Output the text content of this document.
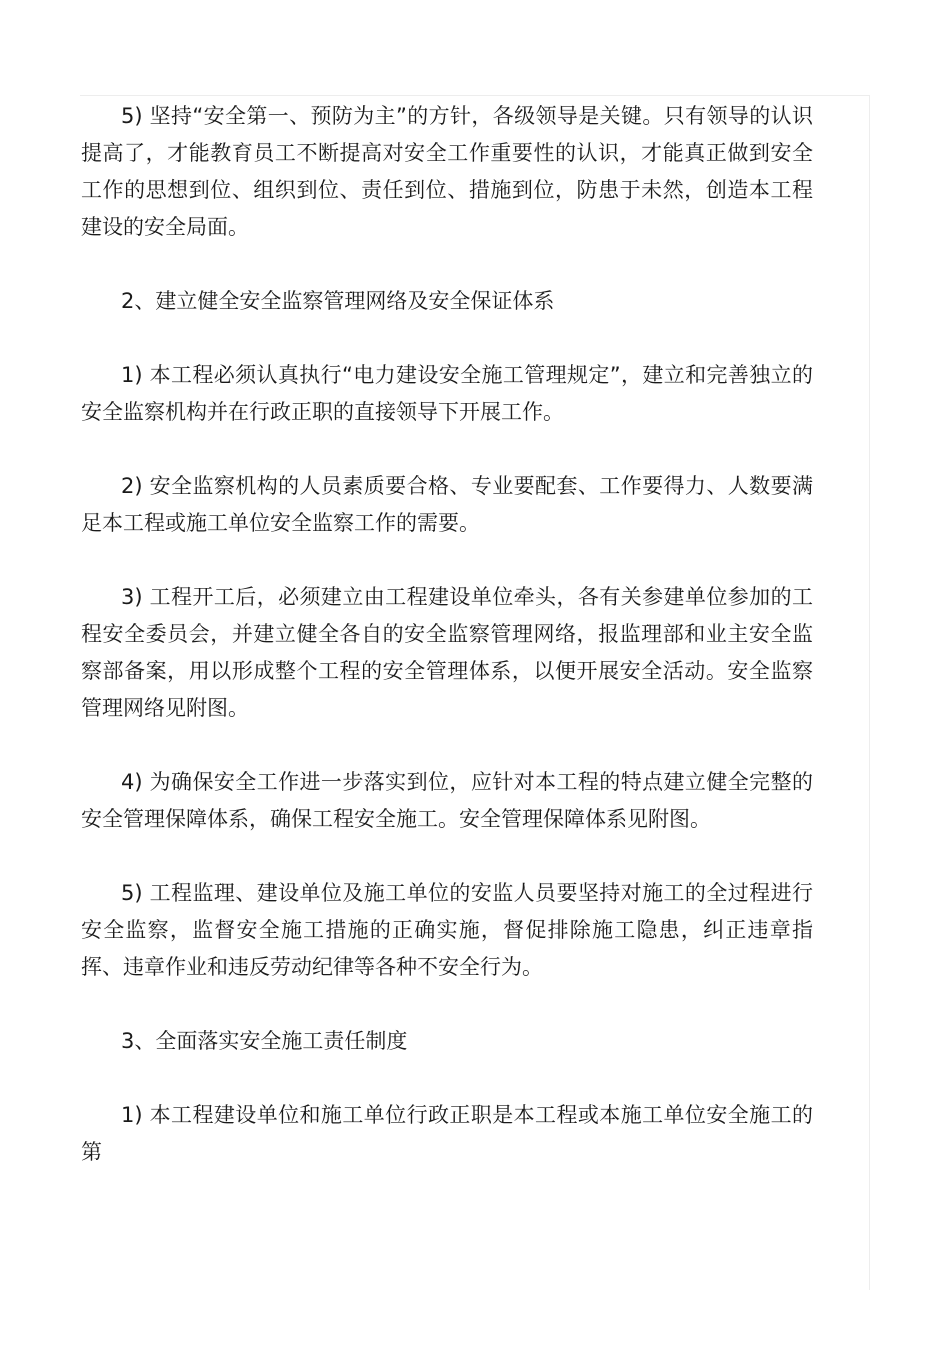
5) 坚持“安全第一、预防为主”的方针，各级领导是关键。只有领导的认识提高了，才能教育员工不断提高对安全工作重要性的认识，才能真正做到安全工作的思想到位、组织到位、责任到位、措施到位，防患于未然，创造本工程建设的安全局面。

2、建立健全安全监察管理网络及安全保证体系

1) 本工程必须认真执行“电力建设安全施工管理规定”，建立和完善独立的安全监察机构并在行政正职的直接领导下开展工作。

2) 安全监察机构的人员素质要合格、专业要配套、工作要得力、人数要满足本工程或施工单位安全监察工作的需要。

3) 工程开工后，必须建立由工程建设单位牵头，各有关参建单位参加的工程安全委员会，并建立健全各自的安全监察管理网络，报监理部和业主安全监察部备案，用以形成整个工程的安全管理体系，以便开展安全活动。安全监察管理网络见附图。

4) 为确保安全工作进一步落实到位，应针对本工程的特点建立健全完整的安全管理保障体系，确保工程安全施工。安全管理保障体系见附图。

5) 工程监理、建设单位及施工单位的安监人员要坚持对施工的全过程进行安全监察，监督安全施工措施的正确实施，督促排除施工隐患，纠正违章指挥、违章作业和违反劳动纪律等各种不安全行为。

3、全面落实安全施工责任制度

1) 本工程建设单位和施工单位行政正职是本工程或本施工单位安全施工的第
